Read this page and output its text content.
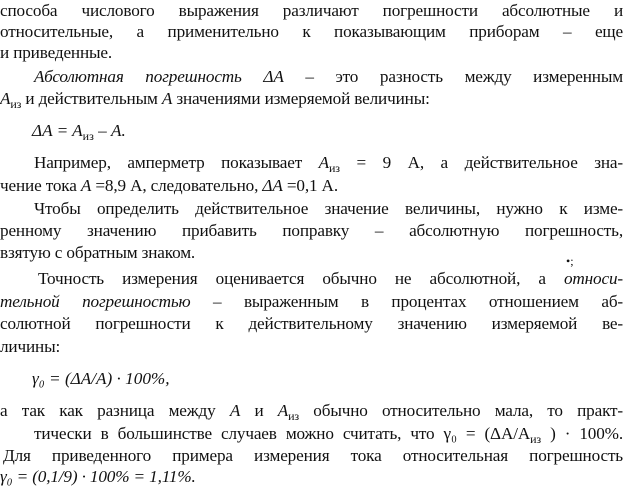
способа числового выражения различают погрешности абсолютные и
относительные, а применительно к показывающим приборам – еще
и приведенные.
Абсолютная погрешность ΔA – это разность между измеренным
$A_{из}$ и действительным A значениями измеряемой величины:
$\Delta A = A_{из} - A$.
Например, амперметр показывает $A_{из} = 9$ А, а действительное зна-
чение тока A =8,9 А, следовательно, ΔA =0,1 А.
Чтобы определить действительное значение величины, нужно к изме-
ренному значению прибавить поправку – абсолютную погрешность,
взятую с обратным знаком.	•;
Точность измерения оценивается обычно не абсолютной, а относи-
тельной погрешностью – выраженным в процентах отношением аб-
солютной погрешности к действительному значению измеряемой ве-
личины:
γ₀ = (ΔA/A) · 100%,
а так как разница между A и $A_{из}$ обычно относительно мала, то практ-
тически в большинстве случаев можно считать, что $\gamma_0 = (\Delta A/A_{из}$ ) · 100%.
Для приведенного примера измерения тока относительная погрешность
γ₀ = (0,1/9) · 100% = 1,11%.
